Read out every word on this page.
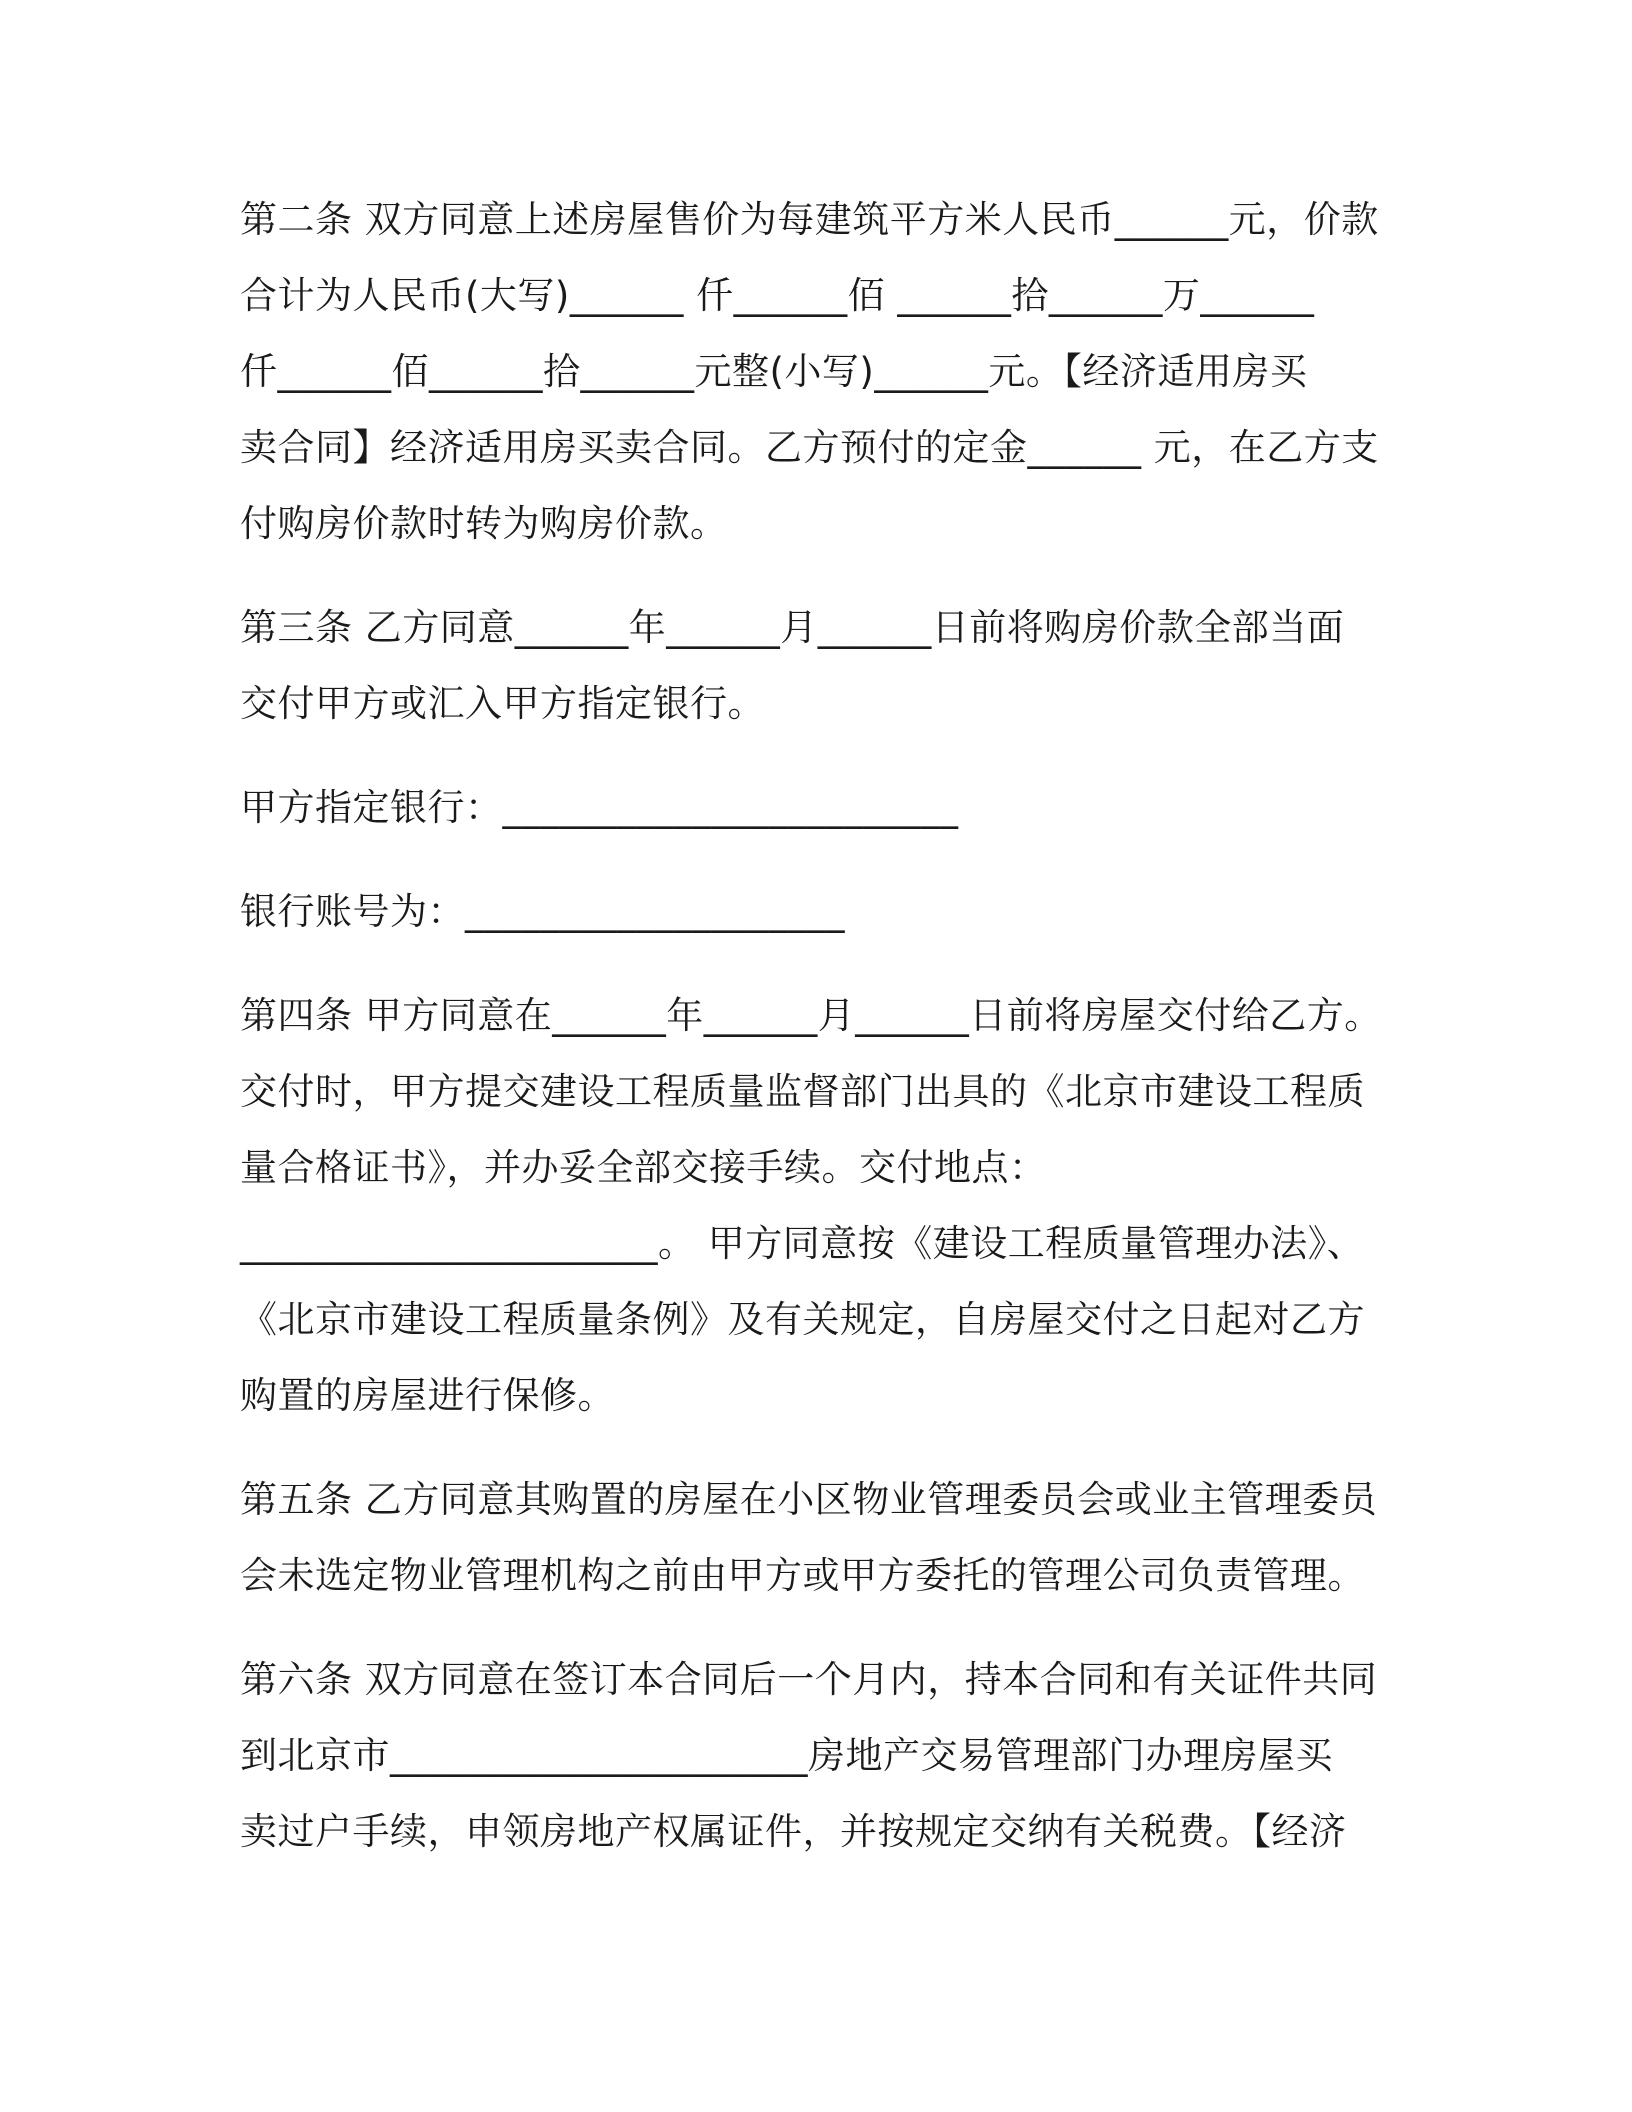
第二条 双方同意上述房屋售价为每建筑平方米人民币______元，价款
合计为人民币(大写)______ 仟______佰 ______拾______万______
仟______佰______拾______元整(小写)______元。【经济适用房买
卖合同】经济适用房买卖合同。乙方预付的定金______ 元，在乙方支
付购房价款时转为购房价款。
第三条 乙方同意______年______月______日前将购房价款全部当面
交付甲方或汇入甲方指定银行。
甲方指定银行：________________________
银行账号为：____________________
第四条 甲方同意在______年______月______日前将房屋交付给乙方。
交付时，甲方提交建设工程质量监督部门出具的《北京市建设工程质
量合格证书》，并办妥全部交接手续。交付地点：
______________________。 甲方同意按《建设工程质量管理办法》、
《北京市建设工程质量条例》及有关规定，自房屋交付之日起对乙方
购置的房屋进行保修。
第五条 乙方同意其购置的房屋在小区物业管理委员会或业主管理委员
会未选定物业管理机构之前由甲方或甲方委托的管理公司负责管理。
第六条 双方同意在签订本合同后一个月内，持本合同和有关证件共同
到北京市______________________房地产交易管理部门办理房屋买
卖过户手续，申领房地产权属证件，并按规定交纳有关税费。【经济
